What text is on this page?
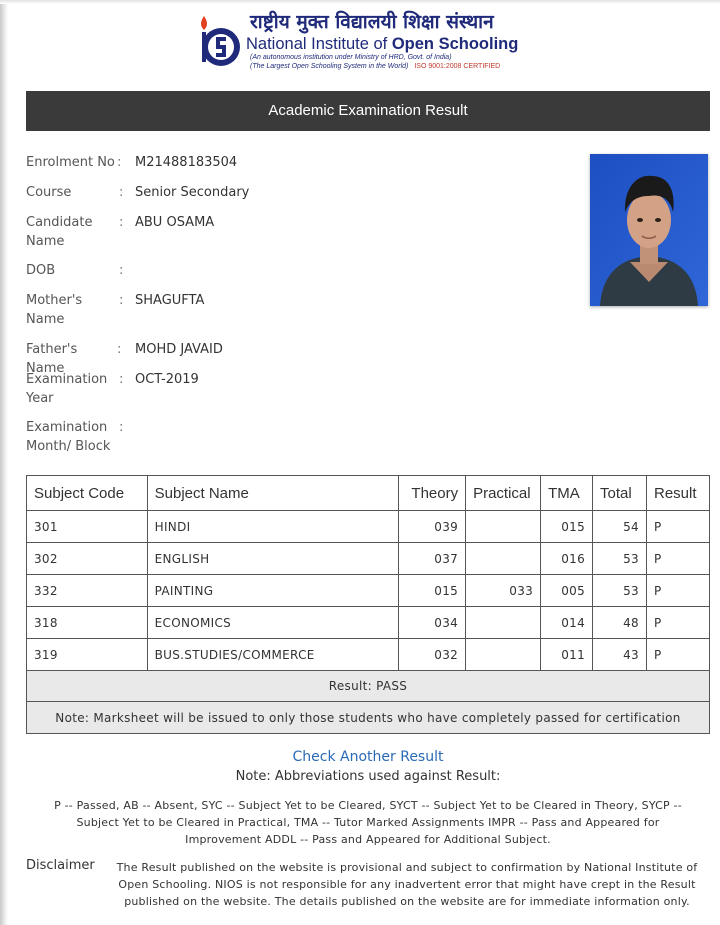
राष्ट्रीय मुक्त विद्यालयी शिक्षा संस्थान
National Institute of Open Schooling
(An autonomous institution under Ministry of HRD, Govt. of India)
(The Largest Open Schooling System in the World) ISO 9001:2008 CERTIFIED
Academic Examination Result
Enrolment No :	M21488183504
Course	: Senior Secondary
Candidate Name
: ABU OSAMA
DOB	:
Mother's Name
: SHAGUFTA
Father's Name
:	MOHD JAVAID
Examination Year
: OCT-2019
Examination Month/ Block
:
Subject Code	Subject Name	Theory	Practical	TMA	Total	Result
301	HINDI	039		015	54	P
302	ENGLISH	037		016	53	P
332	PAINTING	015	033	005	53	P
318	ECONOMICS	034		014	48	P
319	BUS.STUDIES/COMMERCE	032		011	43	P
Result: PASS						
Note: Marksheet will be issued to only those students who have completely passed for certification						
Check Another Result
Note: Abbreviations used against Result:
P -- Passed, AB -- Absent, SYC -- Subject Yet to be Cleared, SYCT -- Subject Yet to be Cleared in Theory, SYCP -- Subject Yet to be Cleared in Practical, TMA -- Tutor Marked Assignments IMPR -- Pass and Appeared for Improvement ADDL -- Pass and Appeared for Additional Subject.
Disclaimer	The Result published on the website is provisional and subject to confirmation by National Institute of Open Schooling. NIOS is not responsible for any inadvertent error that might have crept in the Result published on the website. The details published on the website are for immediate information only.
